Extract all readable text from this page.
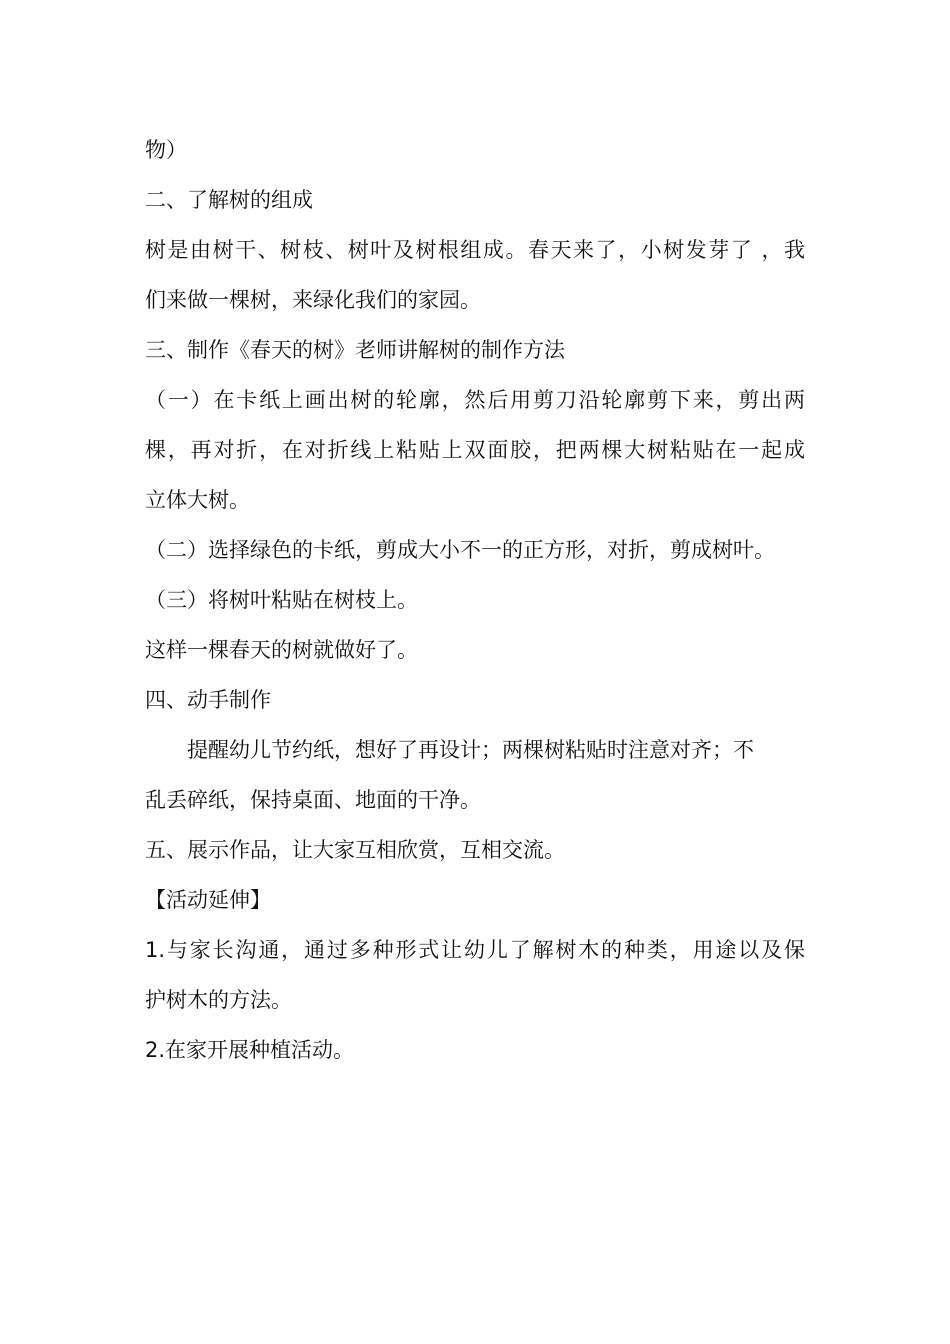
物）
二、了解树的组成
树是由树干、树枝、树叶及树根组成。春天来了，小树发芽了 ，我
们来做一棵树，来绿化我们的家园。
三、制作《春天的树》老师讲解树的制作方法
（一）在卡纸上画出树的轮廓，然后用剪刀沿轮廓剪下来，剪出两
棵，再对折，在对折线上粘贴上双面胶，把两棵大树粘贴在一起成
立体大树。
（二）选择绿色的卡纸，剪成大小不一的正方形，对折，剪成树叶。
（三）将树叶粘贴在树枝上。
这样一棵春天的树就做好了。
四、动手制作
提醒幼儿节约纸，想好了再设计；两棵树粘贴时注意对齐；不
乱丢碎纸，保持桌面、地面的干净。
五、展示作品，让大家互相欣赏，互相交流。
【活动延伸】
1.与家长沟通，通过多种形式让幼儿了解树木的种类，用途以及保
护树木的方法。
2.在家开展种植活动。
